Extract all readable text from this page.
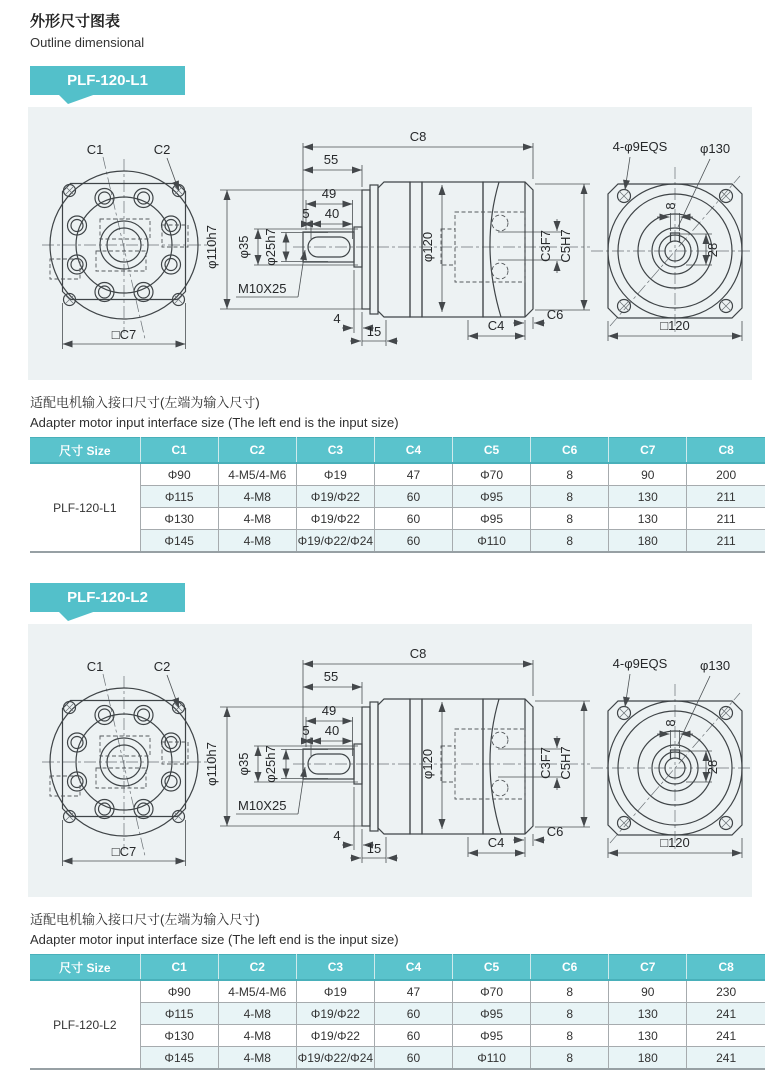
外形尺寸图表
Outline dimensional
PLF-120-L1
C1	C2
□C7
φ110h7	φ120
φ35 φ25h7
M10X25
C8
55
49
5 40
4
15	C4
C6
C3F7 C5H7
4-φ9EQS	φ130
8
28
□120
适配电机输入接口尺寸(左端为输入尺寸)
Adapter motor input interface size (The left end is the input size)
尺寸 Size	C1	C2	C3	C4	C5	C6	C7	C8
PLF-120-L1	Φ90	4-M5/4-M6	Φ19	47	Φ70	8	90	200
	Φ115	4-M8	Φ19/Φ22	60	Φ95	8	130	211
	Φ130	4-M8	Φ19/Φ22	60	Φ95	8	130	211
	Φ145	4-M8	Φ19/Φ22/Φ24	60	Φ110	8	180	211
PLF-120-L2
C1	C2
□C7
φ110h7	φ120
φ35 φ25h7
M10X25
C8
55
49
5 40
4
15	C4
C6
C3F7 C5H7
4-φ9EQS	φ130
8
28
□120
适配电机输入接口尺寸(左端为输入尺寸)
Adapter motor input interface size (The left end is the input size)
尺寸 Size	C1	C2	C3	C4	C5	C6	C7	C8
PLF-120-L2	Φ90	4-M5/4-M6	Φ19	47	Φ70	8	90	230
	Φ115	4-M8	Φ19/Φ22	60	Φ95	8	130	241
	Φ130	4-M8	Φ19/Φ22	60	Φ95	8	130	241
	Φ145	4-M8	Φ19/Φ22/Φ24	60	Φ110	8	180	241
